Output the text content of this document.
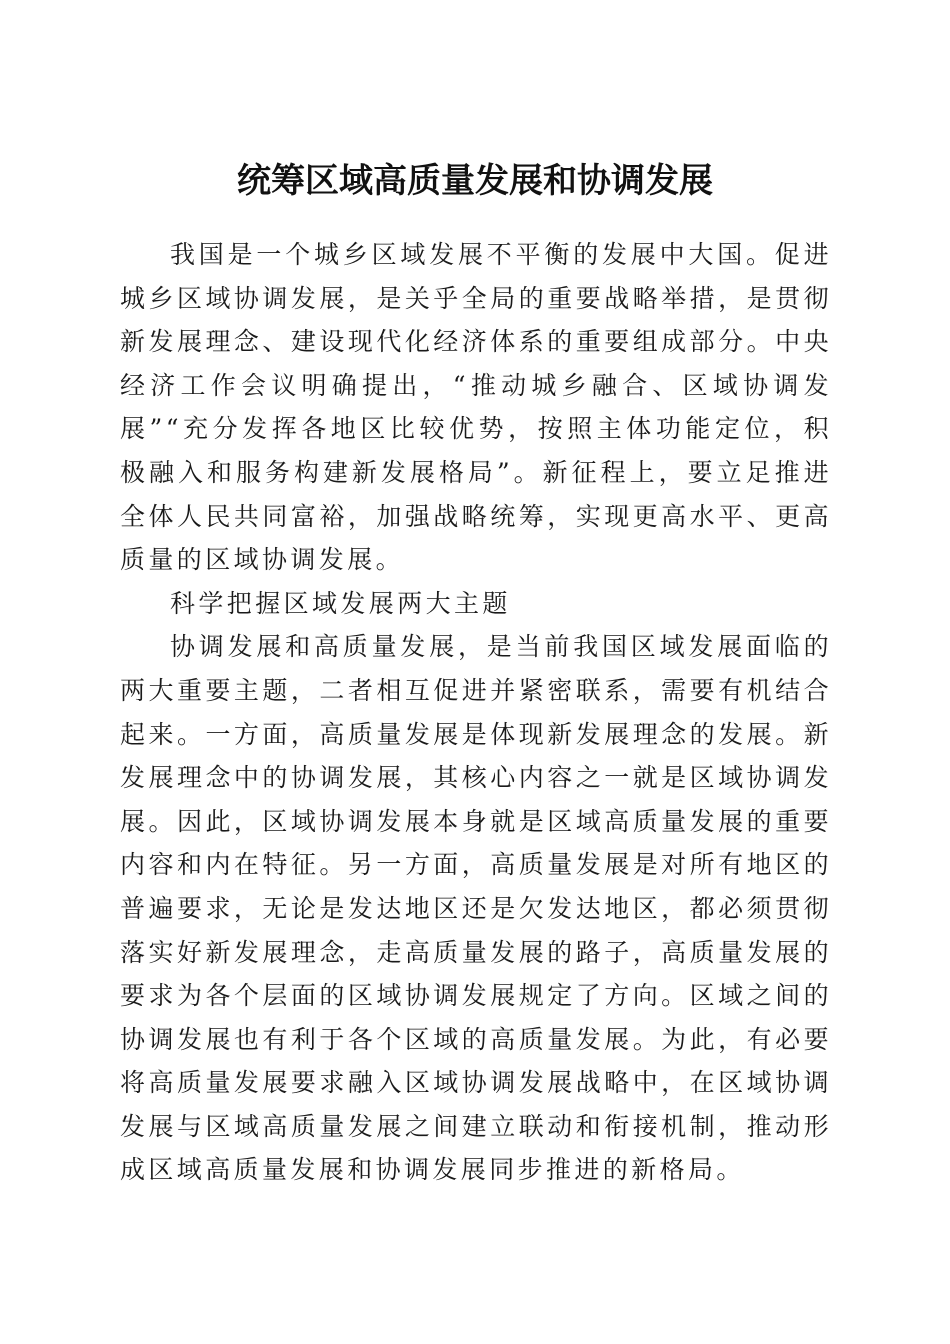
统筹区域高质量发展和协调发展

我国是一个城乡区域发展不平衡的发展中大国。促进城乡区域协调发展，是关乎全局的重要战略举措，是贯彻新发展理念、建设现代化经济体系的重要组成部分。中央经济工作会议明确提出，“推动城乡融合、区域协调发展”“充分发挥各地区比较优势，按照主体功能定位，积极融入和服务构建新发展格局”。新征程上，要立足推进全体人民共同富裕，加强战略统筹，实现更高水平、更高质量的区域协调发展。

科学把握区域发展两大主题

协调发展和高质量发展，是当前我国区域发展面临的两大重要主题，二者相互促进并紧密联系，需要有机结合起来。一方面，高质量发展是体现新发展理念的发展。新发展理念中的协调发展，其核心内容之一就是区域协调发展。因此，区域协调发展本身就是区域高质量发展的重要内容和内在特征。另一方面，高质量发展是对所有地区的普遍要求，无论是发达地区还是欠发达地区，都必须贯彻落实好新发展理念，走高质量发展的路子，高质量发展的要求为各个层面的区域协调发展规定了方向。区域之间的协调发展也有利于各个区域的高质量发展。为此，有必要将高质量发展要求融入区域协调发展战略中，在区域协调发展与区域高质量发展之间建立联动和衔接机制，推动形成区域高质量发展和协调发展同步推进的新格局。
